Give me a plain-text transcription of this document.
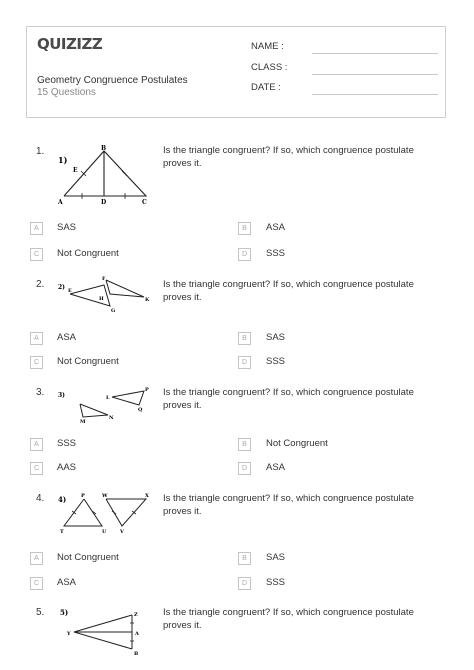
QUIZIZZ
Geometry Congruence Postulates
15 Questions
NAME :
CLASS :
DATE :
1.
1)
B
E
A	D	C
Is the triangle congruent? If so, which congruence postulate proves it.
A	SAS	B	ASA
C	Not Congruent	D	SSS
2. 2)
F
E
H	K
G
Is the triangle congruent? If so, which congruence postulate proves it.
A	ASA	B	SAS
C	Not Congruent	D	SSS
3. 3)
P
L
Q
N
M
Is the triangle congruent? If so, which congruence postulate proves it.
A	SSS	B	Not Congruent
C	AAS	D	ASA
4. 4)	P	W	X
T	U	V
Is the triangle congruent? If so, which congruence postulate proves it.
A	Not Congruent	B	SAS
C	ASA	D	SSS
5. 5)	Z
Y	A
B
Is the triangle congruent? If so, which congruence postulate proves it.
